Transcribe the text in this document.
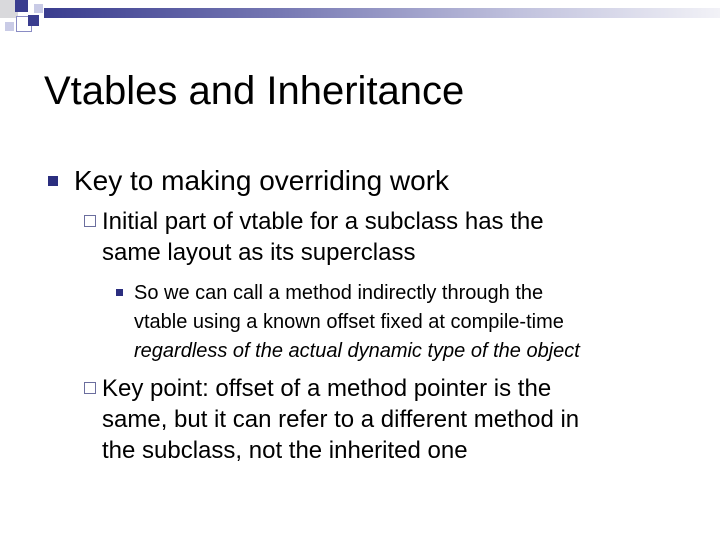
Vtables and Inheritance
Key to making overriding work
Initial part of vtable for a subclass has the
same layout as its superclass
So we can call a method indirectly through the
vtable using a known offset fixed at compile-time
regardless of the actual dynamic type of the object
Key point: offset of a method pointer is the
same, but it can refer to a different method in
the subclass, not the inherited one
